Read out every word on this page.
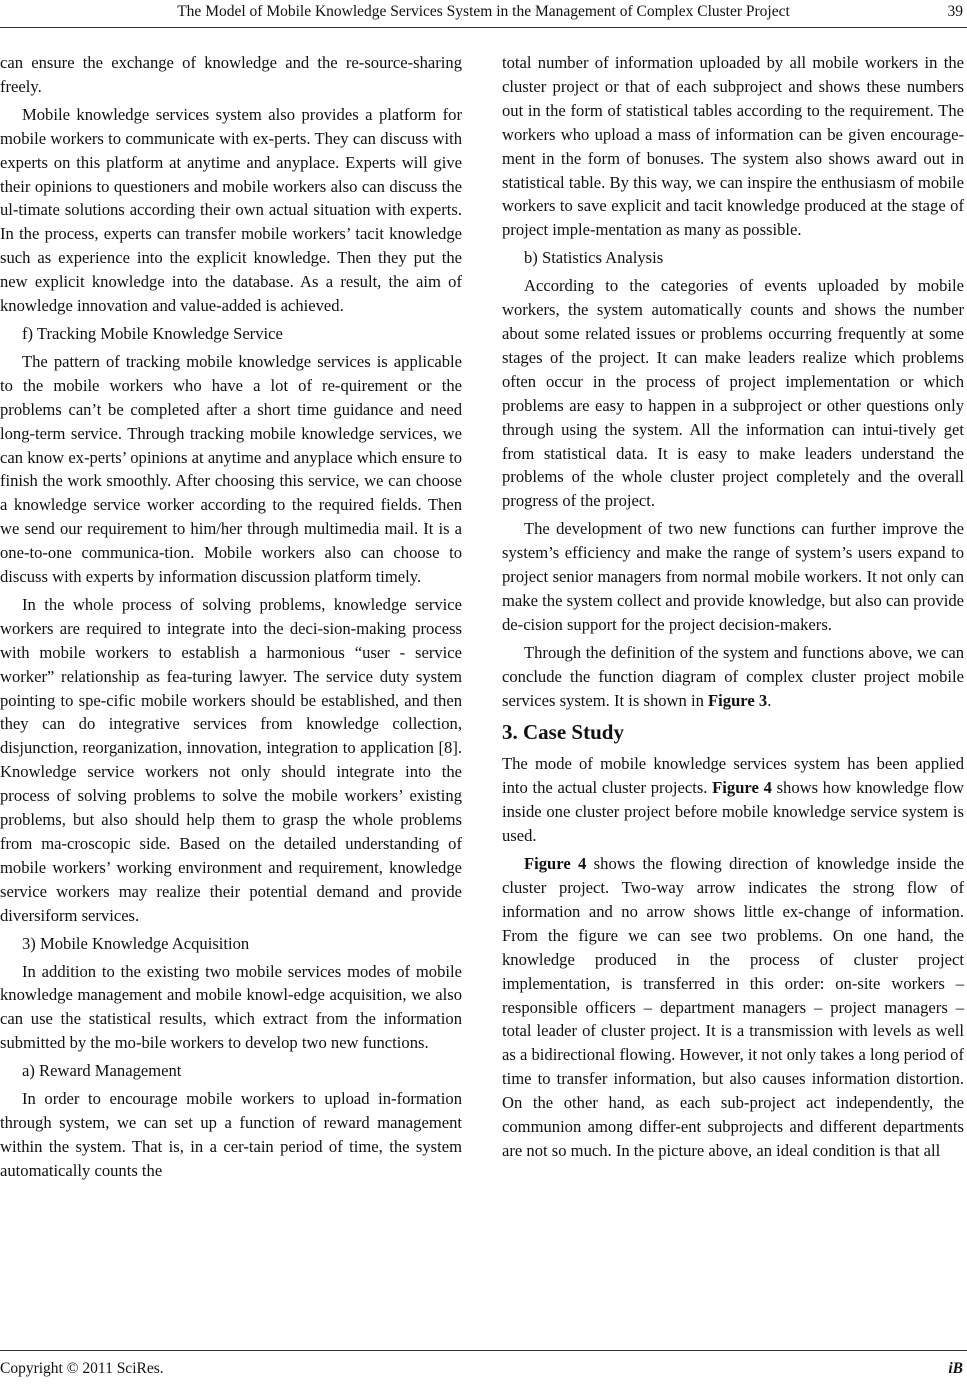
The Model of Mobile Knowledge Services System in the Management of Complex Cluster Project	39

can ensure the exchange of knowledge and the re-source-sharing freely.

Mobile knowledge services system also provides a platform for mobile workers to communicate with ex-perts. They can discuss with experts on this platform at anytime and anyplace. Experts will give their opinions to questioners and mobile workers also can discuss the ul-timate solutions according their own actual situation with experts. In the process, experts can transfer mobile workers’ tacit knowledge such as experience into the explicit knowledge. Then they put the new explicit knowledge into the database. As a result, the aim of knowledge innovation and value-added is achieved.

f) Tracking Mobile Knowledge Service

The pattern of tracking mobile knowledge services is applicable to the mobile workers who have a lot of re-quirement or the problems can’t be completed after a short time guidance and need long-term service. Through tracking mobile knowledge services, we can know ex-perts’ opinions at anytime and anyplace which ensure to finish the work smoothly. After choosing this service, we can choose a knowledge service worker according to the required fields. Then we send our requirement to him/her through multimedia mail. It is a one-to-one communica-tion. Mobile workers also can choose to discuss with experts by information discussion platform timely.

In the whole process of solving problems, knowledge service workers are required to integrate into the deci-sion-making process with mobile workers to establish a harmonious “user - service worker” relationship as fea-turing lawyer. The service duty system pointing to spe-cific mobile workers should be established, and then they can do integrative services from knowledge collection, disjunction, reorganization, innovation, integration to application [8]. Knowledge service workers not only should integrate into the process of solving problems to solve the mobile workers’ existing problems, but also should help them to grasp the whole problems from ma-croscopic side. Based on the detailed understanding of mobile workers’ working environment and requirement, knowledge service workers may realize their potential demand and provide diversiform services.

3) Mobile Knowledge Acquisition

In addition to the existing two mobile services modes of mobile knowledge management and mobile knowl-edge acquisition, we also can use the statistical results, which extract from the information submitted by the mo-bile workers to develop two new functions.

a) Reward Management

In order to encourage mobile workers to upload in-formation through system, we can set up a function of reward management within the system. That is, in a cer-tain period of time, the system automatically counts the

total number of information uploaded by all mobile workers in the cluster project or that of each subproject and shows these numbers out in the form of statistical tables according to the requirement. The workers who upload a mass of information can be given encourage-ment in the form of bonuses. The system also shows award out in statistical table. By this way, we can inspire the enthusiasm of mobile workers to save explicit and tacit knowledge produced at the stage of project imple-mentation as many as possible.

b) Statistics Analysis

According to the categories of events uploaded by mobile workers, the system automatically counts and shows the number about some related issues or problems occurring frequently at some stages of the project. It can make leaders realize which problems often occur in the process of project implementation or which problems are easy to happen in a subproject or other questions only through using the system. All the information can intui-tively get from statistical data. It is easy to make leaders understand the problems of the whole cluster project completely and the overall progress of the project.

The development of two new functions can further improve the system’s efficiency and make the range of system’s users expand to project senior managers from normal mobile workers. It not only can make the system collect and provide knowledge, but also can provide de-cision support for the project decision-makers.

Through the definition of the system and functions above, we can conclude the function diagram of complex cluster project mobile services system. It is shown in Figure 3.

3. Case Study

The mode of mobile knowledge services system has been applied into the actual cluster projects. Figure 4 shows how knowledge flow inside one cluster project before mobile knowledge service system is used.

Figure 4 shows the flowing direction of knowledge inside the cluster project. Two-way arrow indicates the strong flow of information and no arrow shows little ex-change of information. From the figure we can see two problems. On one hand, the knowledge produced in the process of cluster project implementation, is transferred in this order: on-site workers – responsible officers – department managers – project managers – total leader of cluster project. It is a transmission with levels as well as a bidirectional flowing. However, it not only takes a long period of time to transfer information, but also causes information distortion. On the other hand, as each sub-project act independently, the communion among differ-ent subprojects and different departments are not so much. In the picture above, an ideal condition is that all

Copyright © 2011 SciRes.	iB
